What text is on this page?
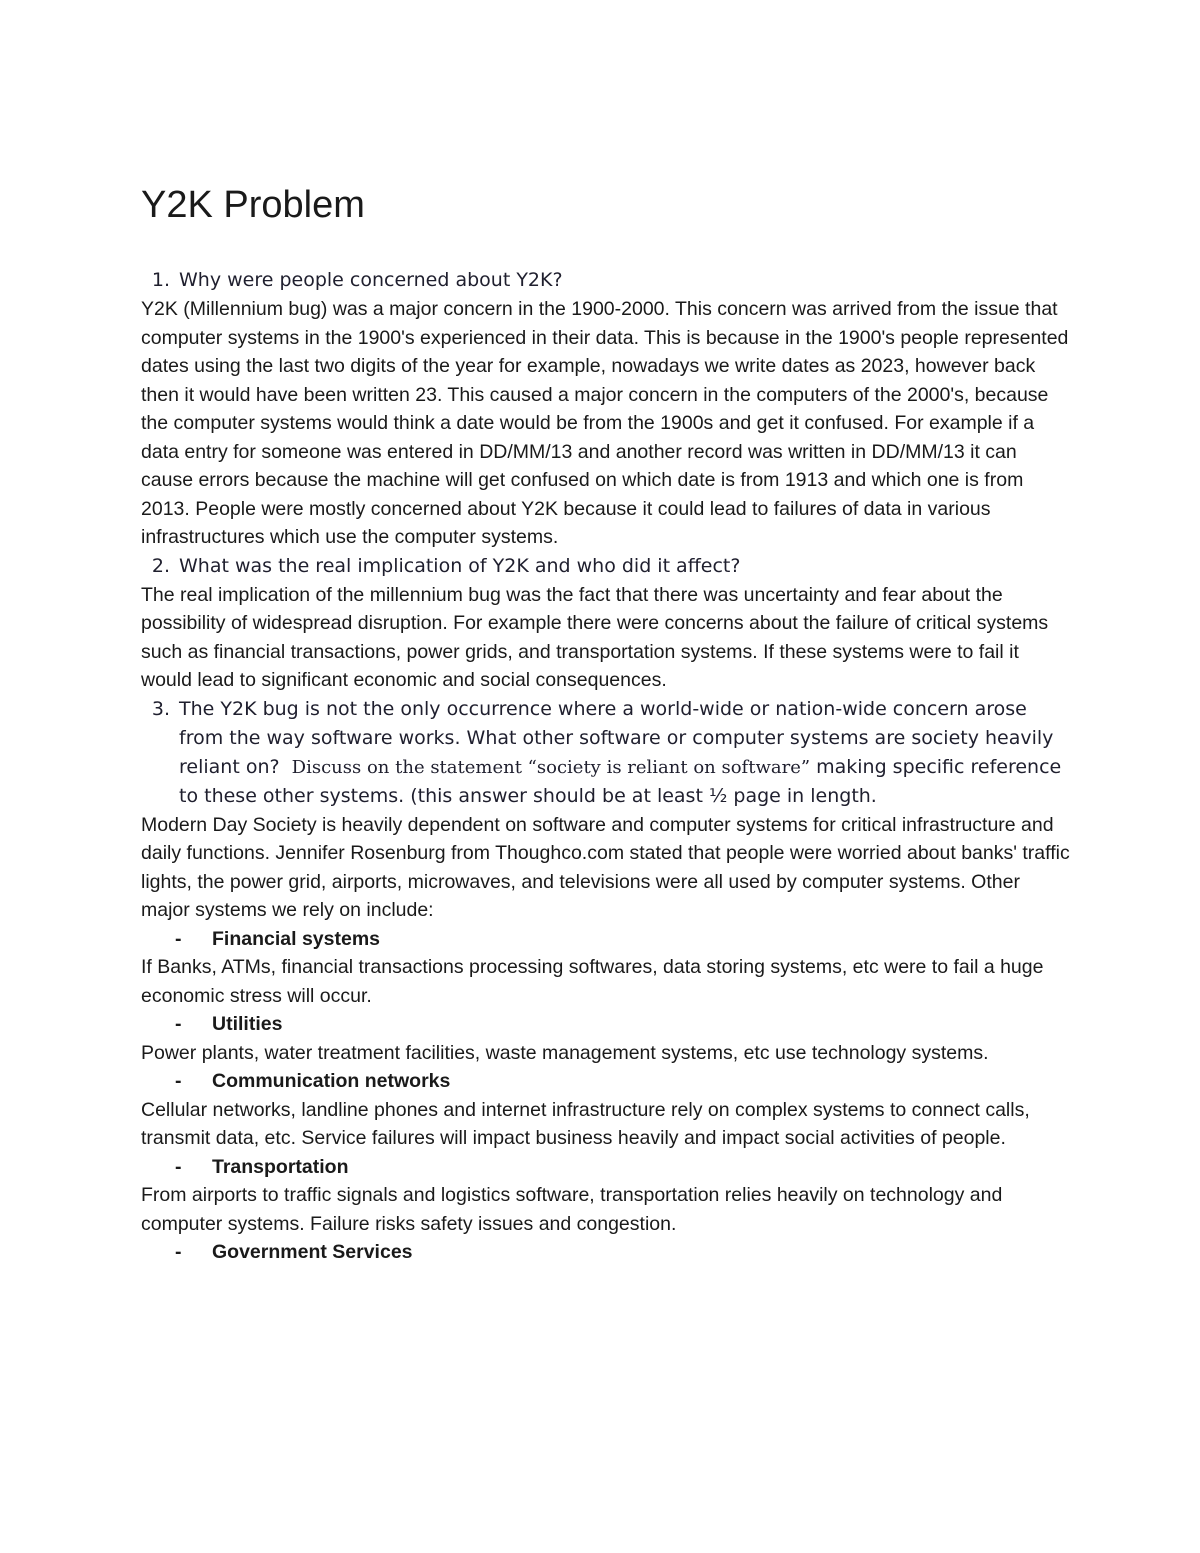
Y2K Problem
1. Why were people concerned about Y2K?

Y2K (Millennium bug) was a major concern in the 1900-2000. This concern was arrived from the issue that computer systems in the 1900's experienced in their data. This is because in the 1900's people represented dates using the last two digits of the year for example, nowadays we write dates as 2023, however back then it would have been written 23. This caused a major concern in the computers of the 2000's, because the computer systems would think a date would be from the 1900s and get it confused. For example if a data entry for someone was entered in DD/MM/13 and another record was written in DD/MM/13 it can cause errors because the machine will get confused on which date is from 1913 and which one is from 2013. People were mostly concerned about Y2K because it could lead to failures of data in various infrastructures which use the computer systems.

2. What was the real implication of Y2K and who did it affect?

The real implication of the millennium bug was the fact that there was uncertainty and fear about the possibility of widespread disruption. For example there were concerns about the failure of critical systems such as financial transactions, power grids, and transportation systems. If these systems were to fail it would lead to significant economic and social consequences.

3. The Y2K bug is not the only occurrence where a world-wide or nation-wide concern arose from the way software works. What other software or computer systems are society heavily reliant on? Discuss on the statement “society is reliant on software” making specific reference to these other systems. (this answer should be at least ½ page in length.

Modern Day Society is heavily dependent on software and computer systems for critical infrastructure and daily functions. Jennifer Rosenburg from Thoughco.com stated that people were worried about banks' traffic lights, the power grid, airports, microwaves, and televisions were all used by computer systems. Other major systems we rely on include:

-	Financial systems

If Banks, ATMs, financial transactions processing softwares, data storing systems, etc were to fail a huge economic stress will occur.

-	Utilities

Power plants, water treatment facilities, waste management systems, etc use technology systems.

-	Communication networks

Cellular networks, landline phones and internet infrastructure rely on complex systems to connect calls, transmit data, etc. Service failures will impact business heavily and impact social activities of people.

-	Transportation

From airports to traffic signals and logistics software, transportation relies heavily on technology and computer systems. Failure risks safety issues and congestion.

-	Government Services
